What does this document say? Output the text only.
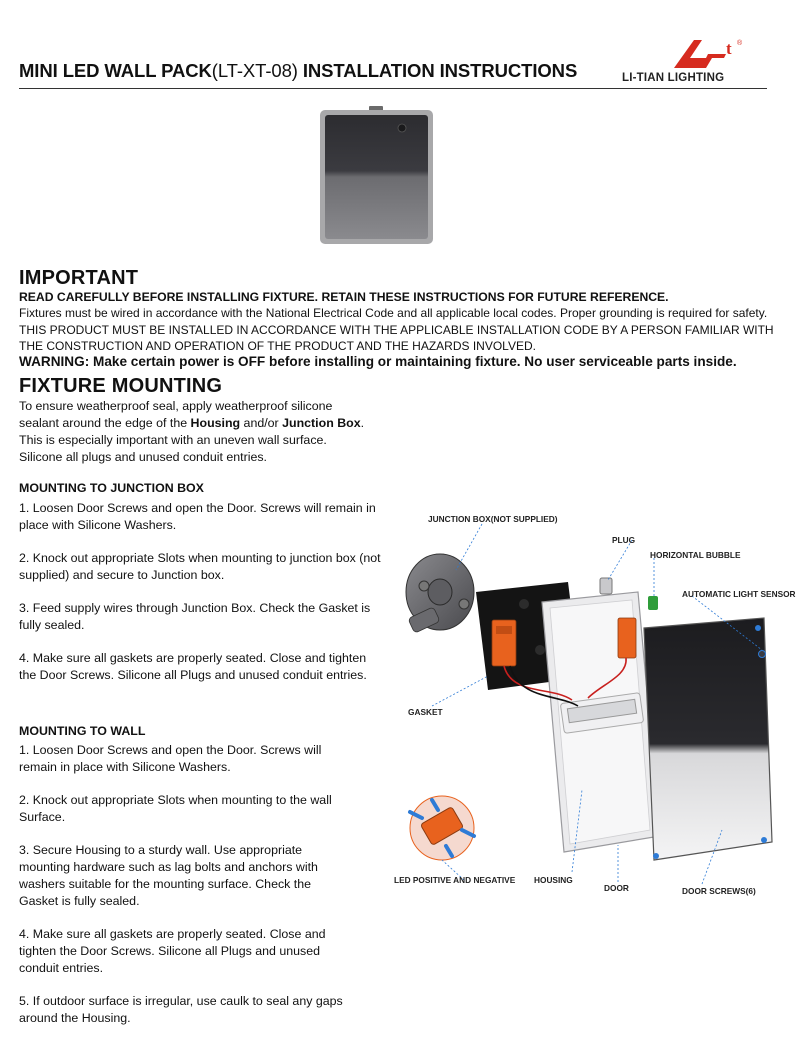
MINI LED WALL PACK(LT-XT-08) INSTALLATION INSTRUCTIONS
t ®
LI-TIAN LIGHTING
IMPORTANT
READ CAREFULLY BEFORE INSTALLING FIXTURE. RETAIN THESE INSTRUCTIONS FOR FUTURE REFERENCE.
Fixtures must be wired in accordance with the National Electrical Code and all applicable local codes. Proper grounding is required for safety. THIS PRODUCT MUST BE INSTALLED IN ACCORDANCE WITH THE APPLICABLE INSTALLATION CODE BY A PERSON FAMILIAR WITH THE CONSTRUCTION AND OPERATION OF THE PRODUCT AND THE HAZARDS INVOLVED.
WARNING: Make certain power is OFF before installing or maintaining fixture. No user serviceable parts inside.
FIXTURE MOUNTING
To ensure weatherproof seal, apply weatherproof silicone sealant around the edge of the Housing and/or Junction Box. This is especially important with an uneven wall surface. Silicone all plugs and unused conduit entries.
MOUNTING TO JUNCTION BOX

1. Loosen Door Screws and open the Door. Screws will remain in place with Silicone Washers.

2. Knock out appropriate Slots when mounting to junction box (not supplied) and secure to Junction box.

3. Feed supply wires through Junction Box. Check the Gasket is fully sealed.

4. Make sure all gaskets are properly seated. Close and tighten the Door Screws. Silicone all Plugs and unused conduit entries.

MOUNTING TO WALL

1. Loosen Door Screws and open the Door. Screws will remain in place with Silicone Washers.

2. Knock out appropriate Slots when mounting to the wall Surface.

3. Secure Housing to a sturdy wall. Use appropriate mounting hardware such as lag bolts and anchors with washers suitable for the mounting surface. Check the Gasket is fully sealed.

4. Make sure all gaskets are properly seated. Close and tighten the Door Screws. Silicone all Plugs and unused conduit entries.

5. If outdoor surface is irregular, use caulk to seal any gaps around the Housing.

JUNCTION BOX(NOT SUPPLIED)
PLUG
HORIZONTAL BUBBLE
AUTOMATIC LIGHT SENSOR
GASKET
LED POSITIVE AND NEGATIVE HOUSING
DOOR	DOOR SCREWS(6)
